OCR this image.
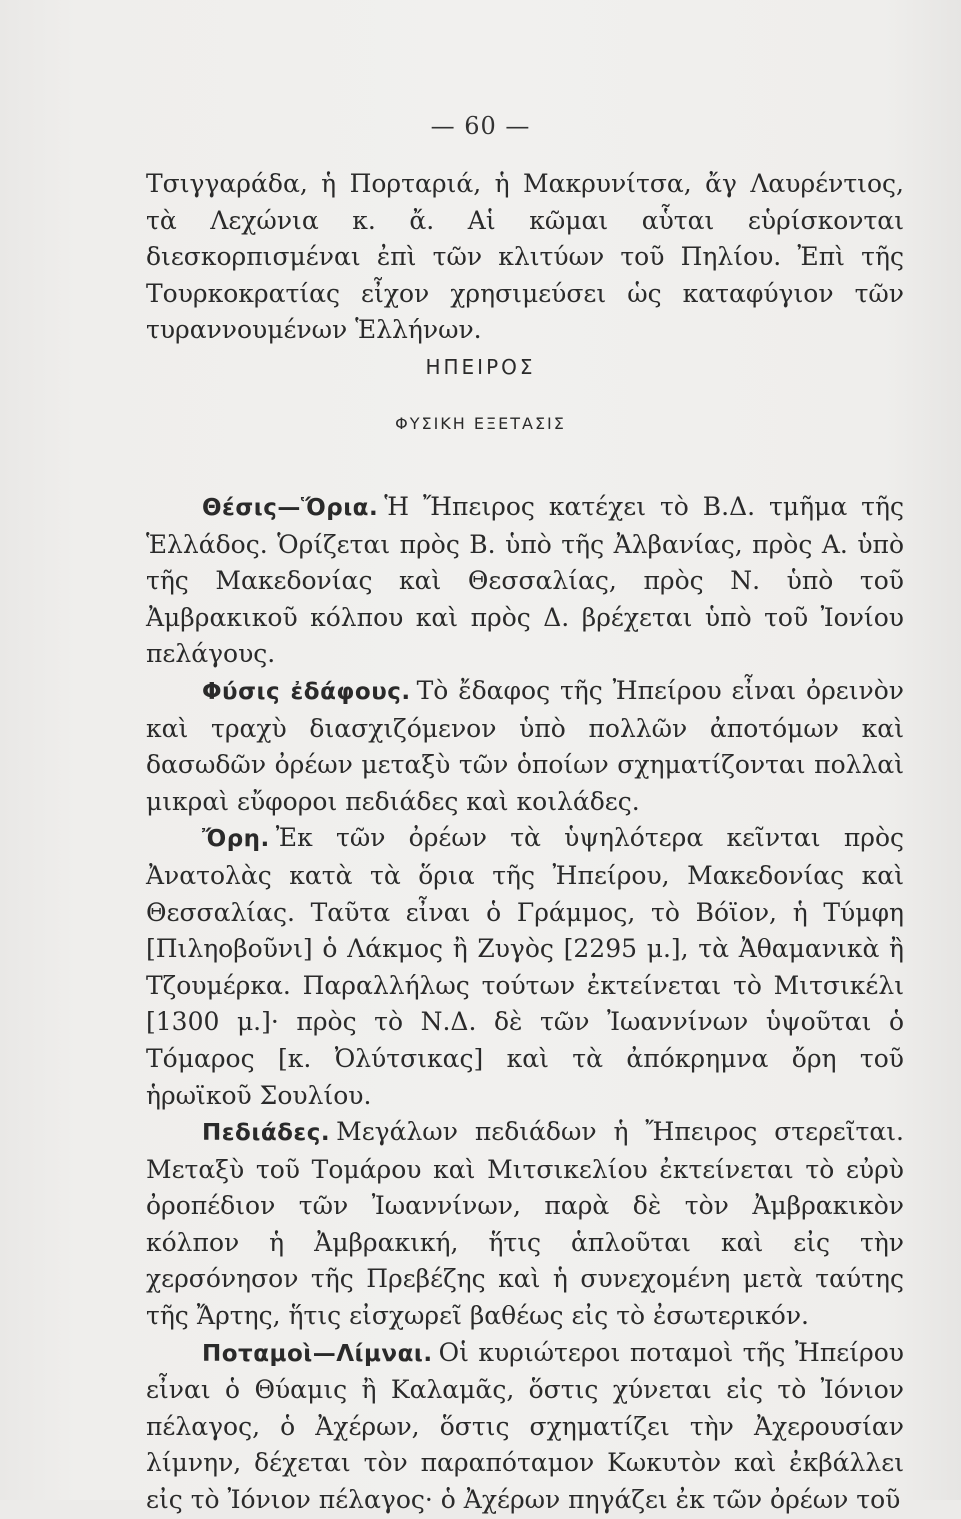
— 60 —

Τσιγγαράδα, ἡ Πορταριά, ἡ Μακρυνίτσα, ἄγ Λαυρέντιος, τὰ Λεχώνια κ. ἄ. Αἱ κῶμαι αὗται εὑρίσκονται διεσκορπισμέναι ἐπὶ τῶν κλιτύων τοῦ Πηλίου. Ἐπὶ τῆς Τουρκοκρατίας εἶχον χρησιμεύσει ὡς καταφύγιον τῶν τυραννουμένων Ἑλλήνων.

ΗΠΕΙΡΟΣ
ΦΥΣΙΚΗ ΕΞΕΤΑΣΙΣ

Θέσις—Ὅρια. Ἡ Ἤπειρος κατέχει τὸ Β.Δ. τμῆμα τῆς Ἑλλάδος. Ὁρίζεται πρὸς Β. ὑπὸ τῆς Ἀλβανίας, πρὸς Α. ὑπὸ τῆς Μακεδονίας καὶ Θεσσαλίας, πρὸς Ν. ὑπὸ τοῦ Ἀμβρακικοῦ κόλπου καὶ πρὸς Δ. βρέχεται ὑπὸ τοῦ Ἰονίου πελάγους.

Φύσις ἐδάφους. Τὸ ἔδαφος τῆς Ἠπείρου εἶναι ὀρεινὸν καὶ τραχὺ διασχιζόμενον ὑπὸ πολλῶν ἀποτόμων καὶ δασωδῶν ὀρέων μεταξὺ τῶν ὁποίων σχηματίζονται πολλαὶ μικραὶ εὔφοροι πεδιάδες καὶ κοιλάδες.

Ὄρη. Ἐκ τῶν ὀρέων τὰ ὑψηλότερα κεῖνται πρὸς Ἀνατολὰς κατὰ τὰ ὅρια τῆς Ἠπείρου, Μακεδονίας καὶ Θεσσαλίας. Ταῦτα εἶναι ὁ Γράμμος, τὸ Βόϊον, ἡ Τύμφη [Πιληοβοῦνι] ὁ Λάκμος ἢ Ζυγὸς [2295 μ.], τὰ Ἀθαμανικὰ ἢ Τζουμέρκα. Παραλλήλως τούτων ἐκτείνεται τὸ Μιτσικέλι [1300 μ.]· πρὸς τὸ Ν.Δ. δὲ τῶν Ἰωαννίνων ὑψοῦται ὁ Τόμαρος [κ. Ὀλύτσικας] καὶ τὰ ἀπόκρημνα ὄρη τοῦ ἡρωϊκοῦ Σουλίου.

Πεδιάδες. Μεγάλων πεδιάδων ἡ Ἤπειρος στερεῖται. Μεταξὺ τοῦ Τομάρου καὶ Μιτσικελίου ἐκτείνεται τὸ εὐρὺ ὀροπέδιον τῶν Ἰωαννίνων, παρὰ δὲ τὸν Ἀμβρακικὸν κόλπον ἡ Ἀμβρακική, ἥτις ἁπλοῦται καὶ εἰς τὴν χερσόνησον τῆς Πρεβέζης καὶ ἡ συνεχομένη μετὰ ταύτης τῆς Ἄρτης, ἥτις εἰσχωρεῖ βαθέως εἰς τὸ ἐσωτερικόν.

Ποταμοὶ—Λίμναι. Οἱ κυριώτεροι ποταμοὶ τῆς Ἠπείρου εἶναι ὁ Θύαμις ἢ Καλαμᾶς, ὅστις χύνεται εἰς τὸ Ἰόνιον πέλαγος, ὁ Ἀχέρων, ὅστις σχηματίζει τὴν Ἀχερουσίαν λίμνην, δέχεται τὸν παραπόταμον Κωκυτὸν καὶ ἐκβάλλει εἰς τὸ Ἰόνιον πέλαγος· ὁ Ἀχέρων πηγάζει ἐκ τῶν ὀρέων τοῦ
